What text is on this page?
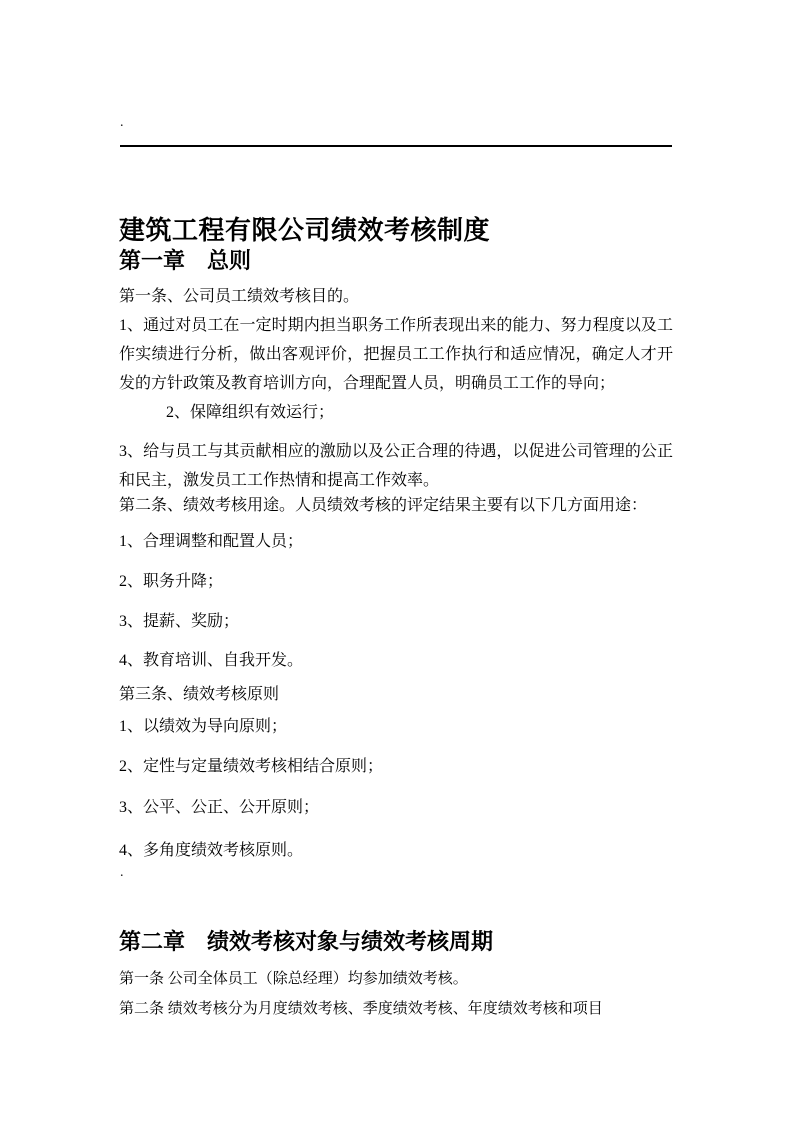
.
建筑工程有限公司绩效考核制度
第一章　总则

第一条、公司员工绩效考核目的。

1、通过对员工在一定时期内担当职务工作所表现出来的能力、努力程度以及工作实绩进行分析，做出客观评价，把握员工工作执行和适应情况，确定人才开发的方针政策及教育培训方向，合理配置人员，明确员工工作的导向；

2、保障组织有效运行；

3、给与员工与其贡献相应的激励以及公正合理的待遇，以促进公司管理的公正和民主，激发员工工作热情和提高工作效率。

第二条、绩效考核用途。人员绩效考核的评定结果主要有以下几方面用途：

1、合理调整和配置人员；

2、职务升降；

3、提薪、奖励；

4、教育培训、自我开发。

第三条、绩效考核原则

1、以绩效为导向原则；

2、定性与定量绩效考核相结合原则；

3、公平、公正、公开原则；

4、多角度绩效考核原则。

.
第二章　绩效考核对象与绩效考核周期

第一条 公司全体员工（除总经理）均参加绩效考核。

第二条 绩效考核分为月度绩效考核、季度绩效考核、年度绩效考核和项目
